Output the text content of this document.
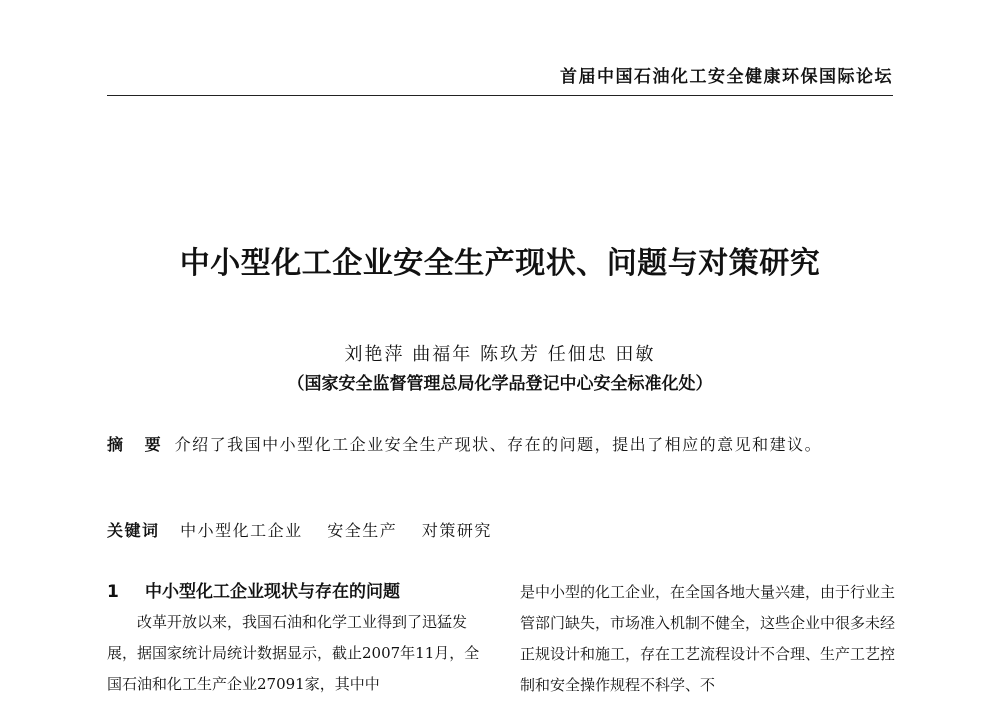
首届中国石油化工安全健康环保国际论坛
中小型化工企业安全生产现状、问题与对策研究
刘艳萍 曲福年 陈玖芳 任佃忠 田敏
（国家安全监督管理总局化学品登记中心安全标准化处）
摘 要 介绍了我国中小型化工企业安全生产现状、存在的问题，提出了相应的意见和建议。
关键词 中小型化工企业 安全生产 对策研究
1 中小型化工企业现状与存在的问题

改革开放以来，我国石油和化学工业得到了迅猛发展，据国家统计局统计数据显示，截止2007年11月，全国石油和化工生产企业27091家，其中中

是中小型的化工企业，在全国各地大量兴建，由于行业主管部门缺失，市场准入机制不健全，这些企业中很多未经正规设计和施工，存在工艺流程设计不合理、生产工艺控制和安全操作规程不科学、不
